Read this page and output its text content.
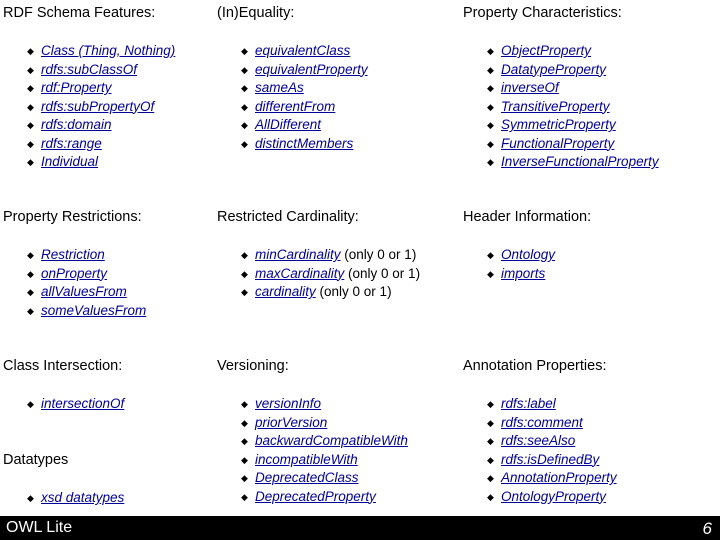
RDF Schema Features:
◆ Class (Thing, Nothing)
◆ rdfs:subClassOf
◆ rdf:Property
◆ rdfs:subPropertyOf
◆ rdfs:domain
◆ rdfs:range
◆ Individual
Property Restrictions:
◆ Restriction
◆ onProperty
◆ allValuesFrom
◆ someValuesFrom
Class Intersection:
◆ intersectionOf
Datatypes
◆ xsd datatypes
(In)Equality:
◆ equivalentClass
◆ equivalentProperty
◆ sameAs
◆ differentFrom
◆ AllDifferent
◆ distinctMembers
Restricted Cardinality:
◆ minCardinality (only 0 or 1)
◆ maxCardinality (only 0 or 1)
◆ cardinality (only 0 or 1)
Versioning:
◆ versionInfo
◆ priorVersion
◆ backwardCompatibleWith
◆ incompatibleWith
◆ DeprecatedClass
◆ DeprecatedProperty
Property Characteristics:
◆ ObjectProperty
◆ DatatypeProperty
◆ inverseOf
◆ TransitiveProperty
◆ SymmetricProperty
◆ FunctionalProperty
◆ InverseFunctionalProperty
Header Information:
◆ Ontology
◆ imports
Annotation Properties:
◆ rdfs:label
◆ rdfs:comment
◆ rdfs:seeAlso
◆ rdfs:isDefinedBy
◆ AnnotationProperty
◆ OntologyProperty
OWL Lite	6
